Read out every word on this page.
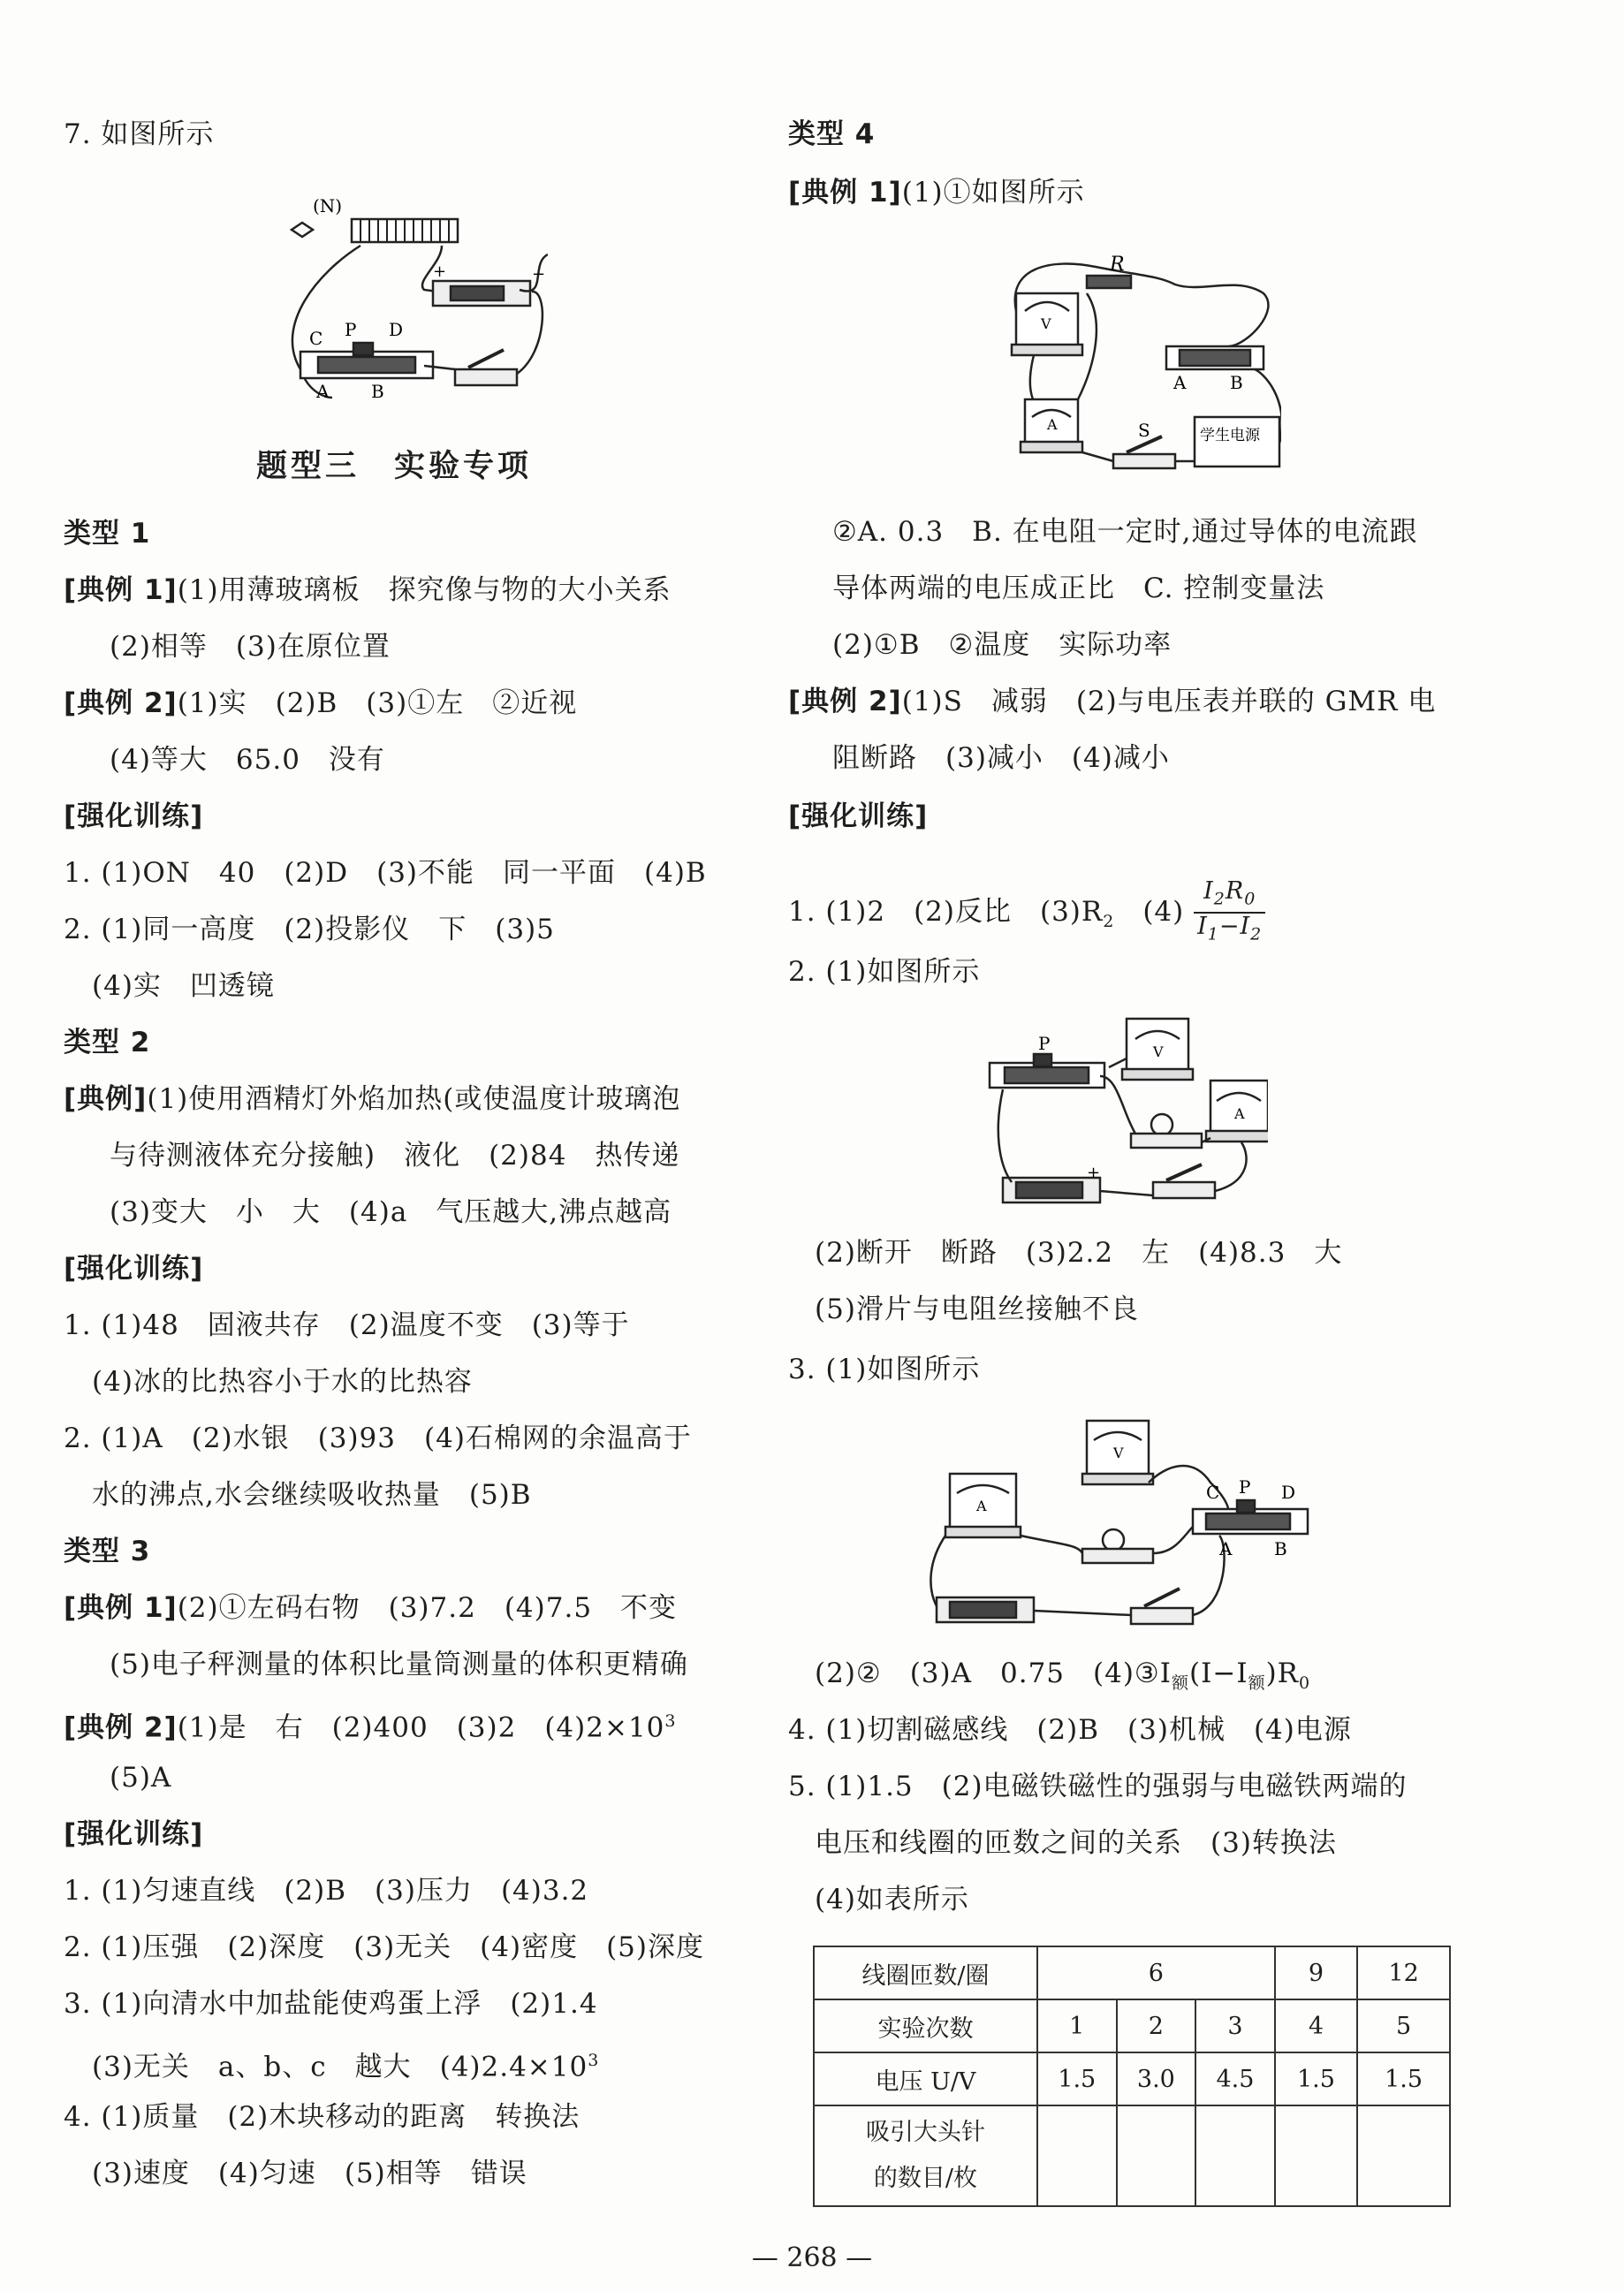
7. 如图所示
(N)
C P D
A B
+	−
题型三　实验专项
类型 1
[典例 1](1)用薄玻璃板　探究像与物的大小关系
(2)相等　(3)在原位置
[典例 2](1)实　(2)B　(3)①左　②近视
(4)等大　65.0　没有
[强化训练]
1. (1)ON　40　(2)D　(3)不能　同一平面　(4)B
2. (1)同一高度　(2)投影仪　下　(3)5
(4)实　凹透镜
类型 2
[典例](1)使用酒精灯外焰加热(或使温度计玻璃泡
与待测液体充分接触)　液化　(2)84　热传递
(3)变大　小　大　(4)a　气压越大,沸点越高
[强化训练]
1. (1)48　固液共存　(2)温度不变　(3)等于
(4)冰的比热容小于水的比热容
2. (1)A　(2)水银　(3)93　(4)石棉网的余温高于
水的沸点,水会继续吸收热量　(5)B
类型 3
[典例 1](2)①左码右物　(3)7.2　(4)7.5　不变
(5)电子秤测量的体积比量筒测量的体积更精确
[典例 2](1)是　右　(2)400　(3)2　$(4)2\times 10^3$
(5)A
[强化训练]
1. (1)匀速直线　(2)B　(3)压力　(4)3.2
2. (1)压强　(2)深度　(3)无关　(4)密度　(5)深度
3. (1)向清水中加盐能使鸡蛋上浮　(2)1.4
(3)无关　a、b、c　越大　$(4)2.4\times 10^3$
4. (1)质量　(2)木块移动的距离　转换法
(3)速度　(4)匀速　(5)相等　错误
类型 4
[典例 1](1)①如图所示
R
V
A
A B
S	学生电源
②A. 0.3　B. 在电阻一定时,通过导体的电流跟
导体两端的电压成正比　C. 控制变量法
(2)①B　②温度　实际功率
[典例 2](1)S　减弱　(2)与电压表并联的 GMR 电
阻断路　(3)减小　(4)减小
[强化训练]
1. (1)2　(2)反比　$(3)R_2$　 $(4) \frac{I_2R_0}{I_1-I_2}$
2. (1)如图所示
P	V
A
+
(2)断开　断路　(3)2.2　左　(4)8.3　大
(5)滑片与电阻丝接触不良
3. (1)如图所示
V
A
C P D
A B
(2)②　(3)A　0.75　$(4)③I_额(I-I_额)R_0$
4. (1)切割磁感线　(2)B　(3)机械　(4)电源
5. (1)1.5　(2)电磁铁磁性的强弱与电磁铁两端的
电压和线圈的匝数之间的关系　(3)转换法
(4)如表所示
线圈匝数/圈	6			9	12
实验次数	1	2	3	4	5
电压 U/V	1.5	3.0	4.5	1.5	1.5

吸引大头针
的数目/枚					

— 268 —
